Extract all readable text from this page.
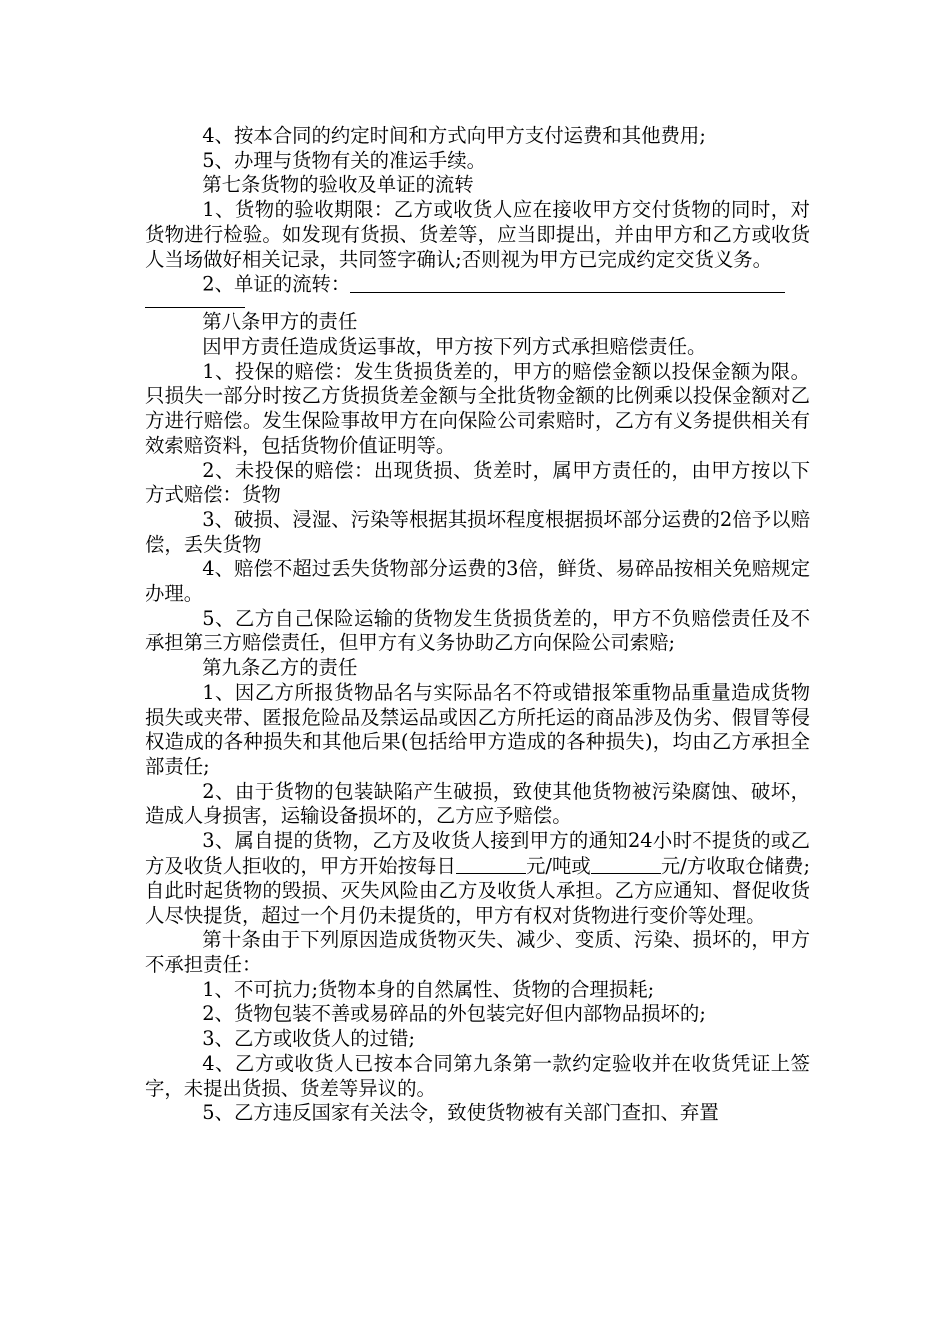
4、按本合同的约定时间和方式向甲方支付运费和其他费用;

5、办理与货物有关的准运手续。

第七条货物的验收及单证的流转

1、货物的验收期限：乙方或收货人应在接收甲方交付货物的同时，对货物进行检验。如发现有货损、货差等，应当即提出，并由甲方和乙方或收货人当场做好相关记录，共同签字确认;否则视为甲方已完成约定交货义务。

2、单证的流转：

第八条甲方的责任

因甲方责任造成货运事故，甲方按下列方式承担赔偿责任。

1、投保的赔偿：发生货损货差的，甲方的赔偿金额以投保金额为限。只损失一部分时按乙方货损货差金额与全批货物金额的比例乘以投保金额对乙方进行赔偿。发生保险事故甲方在向保险公司索赔时，乙方有义务提供相关有效索赔资料，包括货物价值证明等。

2、未投保的赔偿：出现货损、货差时，属甲方责任的，由甲方按以下方式赔偿：货物

3、破损、浸湿、污染等根据其损坏程度根据损坏部分运费的2倍予以赔偿，丢失货物

4、赔偿不超过丢失货物部分运费的3倍，鲜货、易碎品按相关免赔规定办理。

5、乙方自己保险运输的货物发生货损货差的，甲方不负赔偿责任及不承担第三方赔偿责任，但甲方有义务协助乙方向保险公司索赔;

第九条乙方的责任

1、因乙方所报货物品名与实际品名不符或错报笨重物品重量造成货物损失或夹带、匿报危险品及禁运品或因乙方所托运的商品涉及伪劣、假冒等侵权造成的各种损失和其他后果(包括给甲方造成的各种损失)，均由乙方承担全部责任;

2、由于货物的包装缺陷产生破损，致使其他货物被污染腐蚀、破坏，造成人身损害，运输设备损坏的，乙方应予赔偿。

3、属自提的货物，乙方及收货人接到甲方的通知24小时不提货的或乙方及收货人拒收的，甲方开始按每日	元/吨或	元/方收取仓储费;自此时起货物的毁损、灭失风险由乙方及收货人承担。乙方应通知、督促收货人尽快提货，超过一个月仍未提货的，甲方有权对货物进行变价等处理。

第十条由于下列原因造成货物灭失、减少、变质、污染、损坏的，甲方不承担责任：

1、不可抗力;货物本身的自然属性、货物的合理损耗;

2、货物包装不善或易碎品的外包装完好但内部物品损坏的;

3、乙方或收货人的过错;

4、乙方或收货人已按本合同第九条第一款约定验收并在收货凭证上签字，未提出货损、货差等异议的。

5、乙方违反国家有关法令，致使货物被有关部门查扣、弃置
